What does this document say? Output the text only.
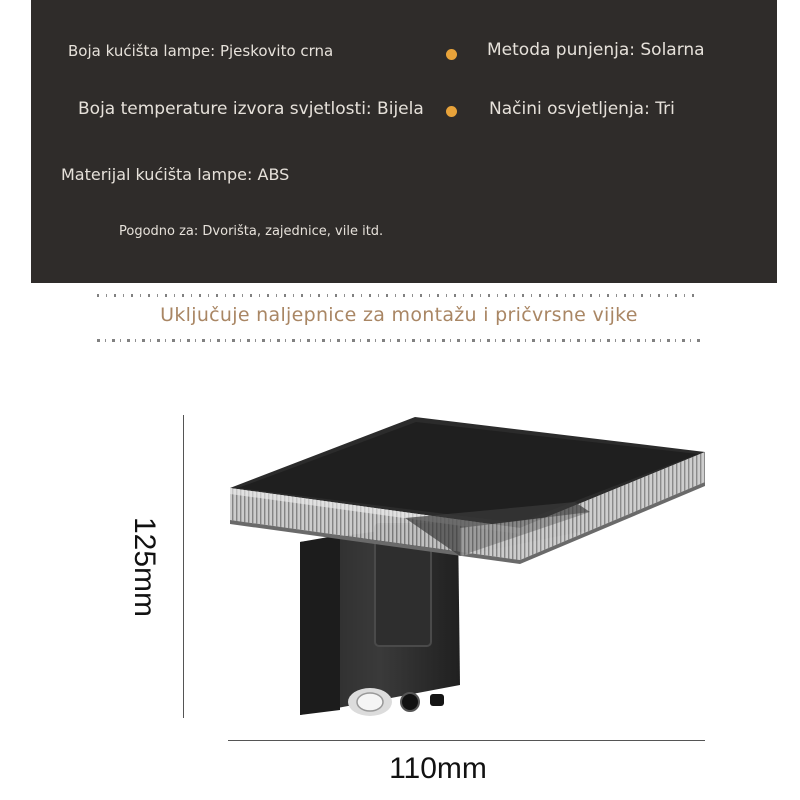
Boja kućišta lampe: Pjeskovito crna	Metoda punjenja: Solarna
Boja temperature izvora svjetlosti: Bijela	Načini osvjetljenja: Tri
Materijal kućišta lampe: ABS
Pogodno za: Dvorišta, zajednice, vile itd.
Uključuje naljepnice za montažu i pričvrsne vijke
125mm
110mm
